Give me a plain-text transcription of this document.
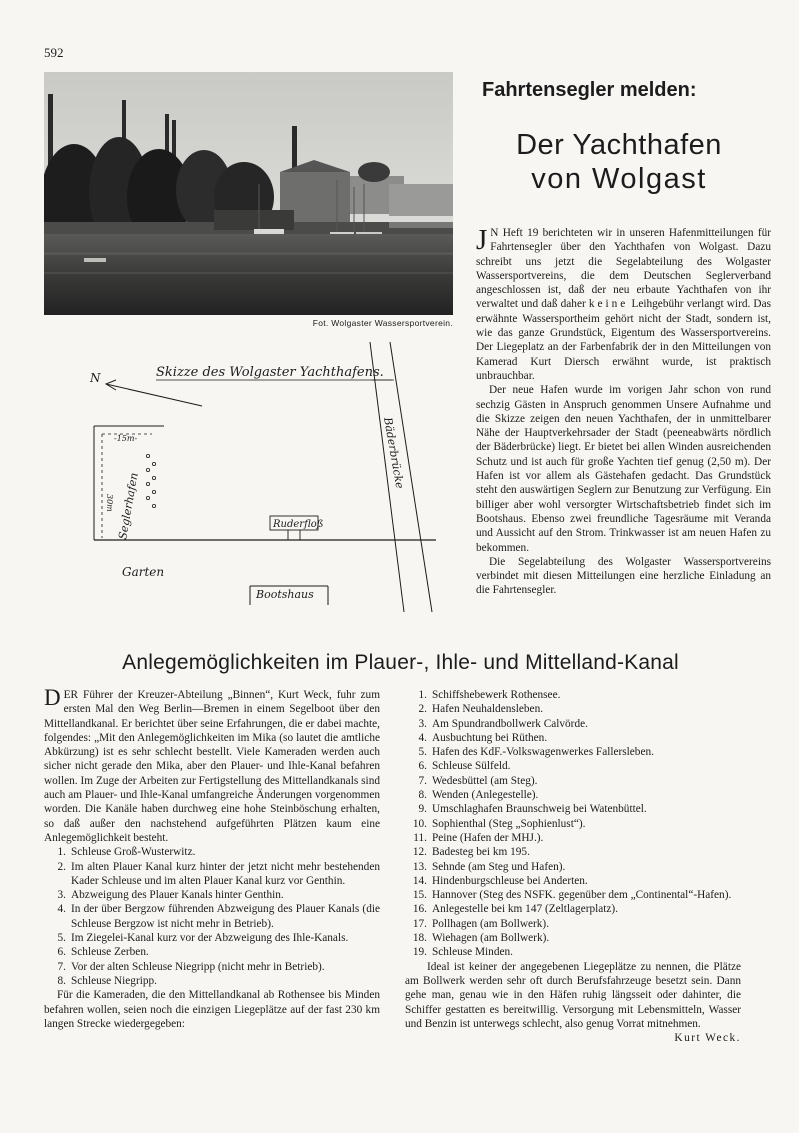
592
Fot. Wolgaster Wassersportverein.
Skizze des Wolgaster Yachthafens.
N
Bäderbrücke
-15m-
30m Seglerhafen	Ruderfloß
Garten
Bootshaus
Fahrtensegler melden:
Der Yachthafen
von Wolgast

J N Heft 19 berichteten wir in unseren Hafenmitteilungen für Fahrtensegler über den Yachthafen von Wolgast. Dazu schreibt uns jetzt die Segelabteilung des Wolgaster Wassersportvereins, die dem Deutschen Seglerverband angeschlossen ist, daß der neu erbaute Yachthafen von ihr verwaltet und daß daher keine Leihgebühr verlangt wird. Das erwähnte Wassersportheim gehört nicht der Stadt, sondern ist, wie das ganze Grundstück, Eigentum des Wassersportvereins. Der Liegeplatz an der Farbenfabrik der in den Mitteilungen von Kamerad Kurt Diersch erwähnt wurde, ist praktisch unbrauchbar.

Der neue Hafen wurde im vorigen Jahr schon von rund sechzig Gästen in Anspruch genommen Unsere Aufnahme und die Skizze zeigen den neuen Yachthafen, der in unmittelbarer Nähe der Hauptverkehrsader der Stadt (peeneabwärts nördlich der Bäderbrücke) liegt. Er bietet bei allen Winden ausreichenden Schutz und ist auch für große Yachten tief genug (2,50 m). Der Hafen ist vor allem als Gästehafen gedacht. Das Grundstück steht den auswärtigen Seglern zur Benutzung zur Verfügung. Ein billiger aber wohl versorgter Wirtschaftsbetrieb findet sich im Bootshaus. Ebenso zwei freundliche Tagesräume mit Veranda und Aussicht auf den Strom. Trinkwasser ist am neuen Hafen zu bekommen.

Die Segelabteilung des Wolgaster Wassersportvereins verbindet mit diesen Mitteilungen eine herzliche Einladung an die Fahrtensegler.

Anlegemöglichkeiten im Plauer-, Ihle- und Mittelland-Kanal

DER Führer der Kreuzer-Abteilung „Binnen“, Kurt Weck, fuhr zum ersten Mal den Weg Berlin—Bremen in einem Segelboot über den Mittellandkanal. Er berichtet über seine Erfahrungen, die er dabei machte, folgendes: „Mit den Anlegemöglichkeiten im Mika (so lautet die amtliche Abkürzung) ist es sehr schlecht bestellt. Viele Kameraden werden auch sicher nicht gerade den Mika, aber den Plauer- und Ihle-Kanal befahren wollen. Im Zuge der Arbeiten zur Fertigstellung des Mittellandkanals sind auch am Plauer- und Ihle-Kanal umfangreiche Änderungen vorgenommen worden. Die Kanäle haben durchweg eine hohe Steinböschung erhalten, so daß außer den nachstehend aufgeführten Plätzen kaum eine Anlegemöglichkeit besteht.

1. Schleuse Groß-Wusterwitz.
2. Im alten Plauer Kanal kurz hinter der jetzt nicht mehr bestehenden Kader Schleuse und im alten Plauer Kanal kurz vor Genthin.
3. Abzweigung des Plauer Kanals hinter Genthin.
4. In der über Bergzow führenden Abzweigung des Plauer Kanals (die Schleuse Bergzow ist nicht mehr in Betrieb).
5. Im Ziegelei-Kanal kurz vor der Abzweigung des Ihle-Kanals.
6. Schleuse Zerben.
7. Vor der alten Schleuse Niegripp (nicht mehr in Betrieb).
8. Schleuse Niegripp.

Für die Kameraden, die den Mittellandkanal ab Rothensee bis Minden befahren wollen, seien noch die einzigen Liegeplätze auf der fast 230 km langen Strecke wiedergegeben:

1. Schiffshebewerk Rothensee.
2. Hafen Neuhaldensleben.
3. Am Spundrandbollwerk Calvörde.
4. Ausbuchtung bei Rüthen.
5. Hafen des KdF.-Volkswagenwerkes Fallersleben.
6. Schleuse Sülfeld.
7. Wedesbüttel (am Steg).
8. Wenden (Anlegestelle).
9. Umschlaghafen Braunschweig bei Watenbüttel.
10. Sophienthal (Steg „Sophienlust“).
11. Peine (Hafen der MHJ.).
12. Badesteg bei km 195.
13. Sehnde (am Steg und Hafen).
14. Hindenburgschleuse bei Anderten.
15. Hannover (Steg des NSFK. gegenüber dem „Continental“-Hafen).
16. Anlegestelle bei km 147 (Zeltlagerplatz).
17. Pollhagen (am Bollwerk).
18. Wiehagen (am Bollwerk).
19. Schleuse Minden.

Ideal ist keiner der angegebenen Liegeplätze zu nennen, die Plätze am Bollwerk werden sehr oft durch Berufsfahrzeuge besetzt sein. Dann gehe man, genau wie in den Häfen ruhig längsseit oder dahinter, die Schiffer gestatten es bereitwillig. Versorgung mit Lebensmitteln, Wasser und Benzin ist unterwegs schlecht, also genug Vorrat mitnehmen.

Kurt Weck.
